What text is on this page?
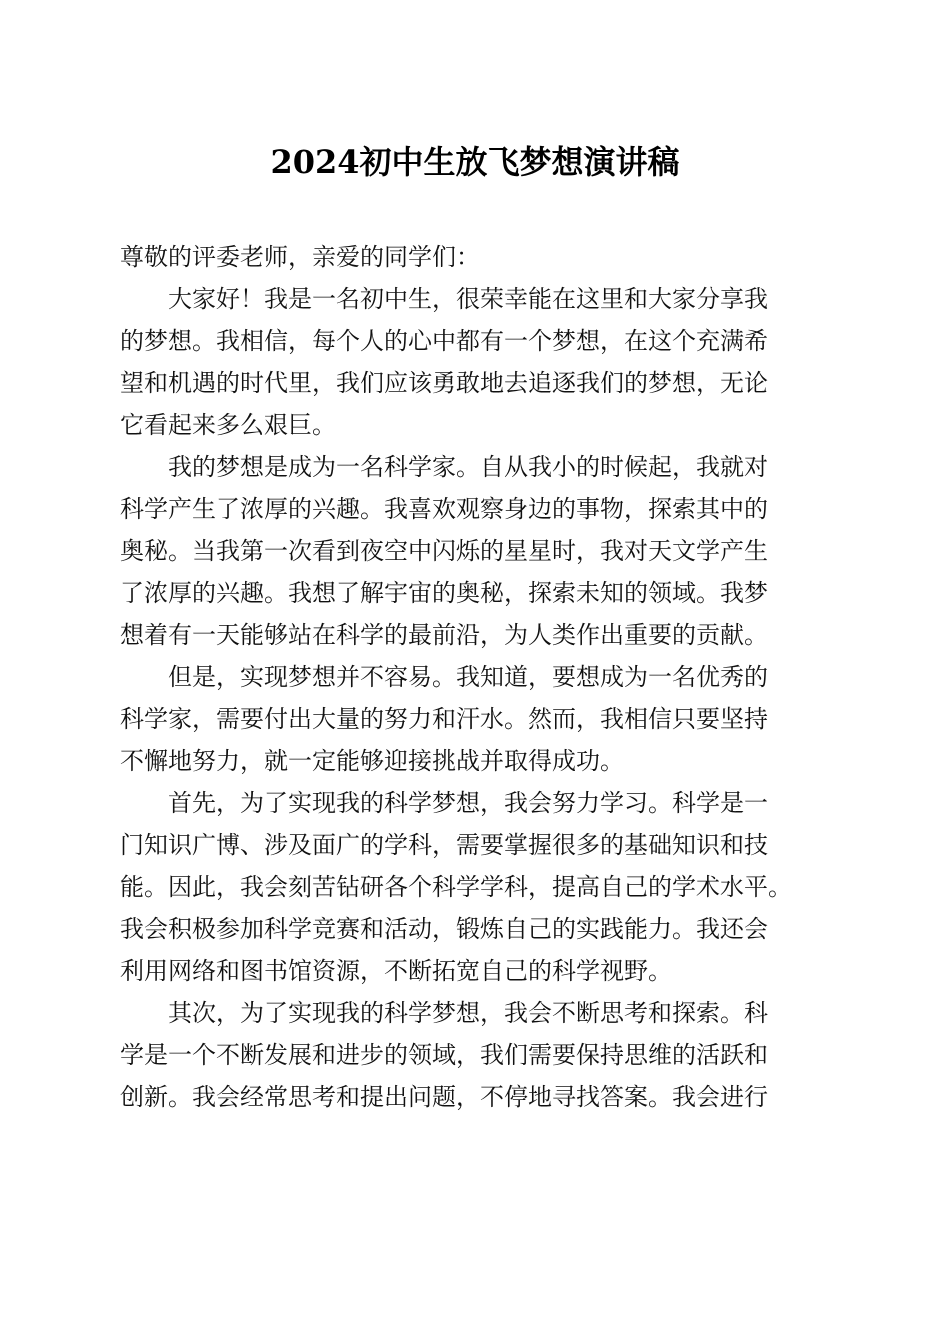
2024初中生放飞梦想演讲稿
尊敬的评委老师，亲爱的同学们：
大家好！我是一名初中生，很荣幸能在这里和大家分享我
的梦想。我相信，每个人的心中都有一个梦想，在这个充满希
望和机遇的时代里，我们应该勇敢地去追逐我们的梦想，无论
它看起来多么艰巨。
我的梦想是成为一名科学家。自从我小的时候起，我就对
科学产生了浓厚的兴趣。我喜欢观察身边的事物，探索其中的
奥秘。当我第一次看到夜空中闪烁的星星时，我对天文学产生
了浓厚的兴趣。我想了解宇宙的奥秘，探索未知的领域。我梦
想着有一天能够站在科学的最前沿，为人类作出重要的贡献。
但是，实现梦想并不容易。我知道，要想成为一名优秀的
科学家，需要付出大量的努力和汗水。然而，我相信只要坚持
不懈地努力，就一定能够迎接挑战并取得成功。
首先，为了实现我的科学梦想，我会努力学习。科学是一
门知识广博、涉及面广的学科，需要掌握很多的基础知识和技
能。因此，我会刻苦钻研各个科学学科，提高自己的学术水平。
我会积极参加科学竞赛和活动，锻炼自己的实践能力。我还会
利用网络和图书馆资源，不断拓宽自己的科学视野。
其次，为了实现我的科学梦想，我会不断思考和探索。科
学是一个不断发展和进步的领域，我们需要保持思维的活跃和
创新。我会经常思考和提出问题，不停地寻找答案。我会进行
